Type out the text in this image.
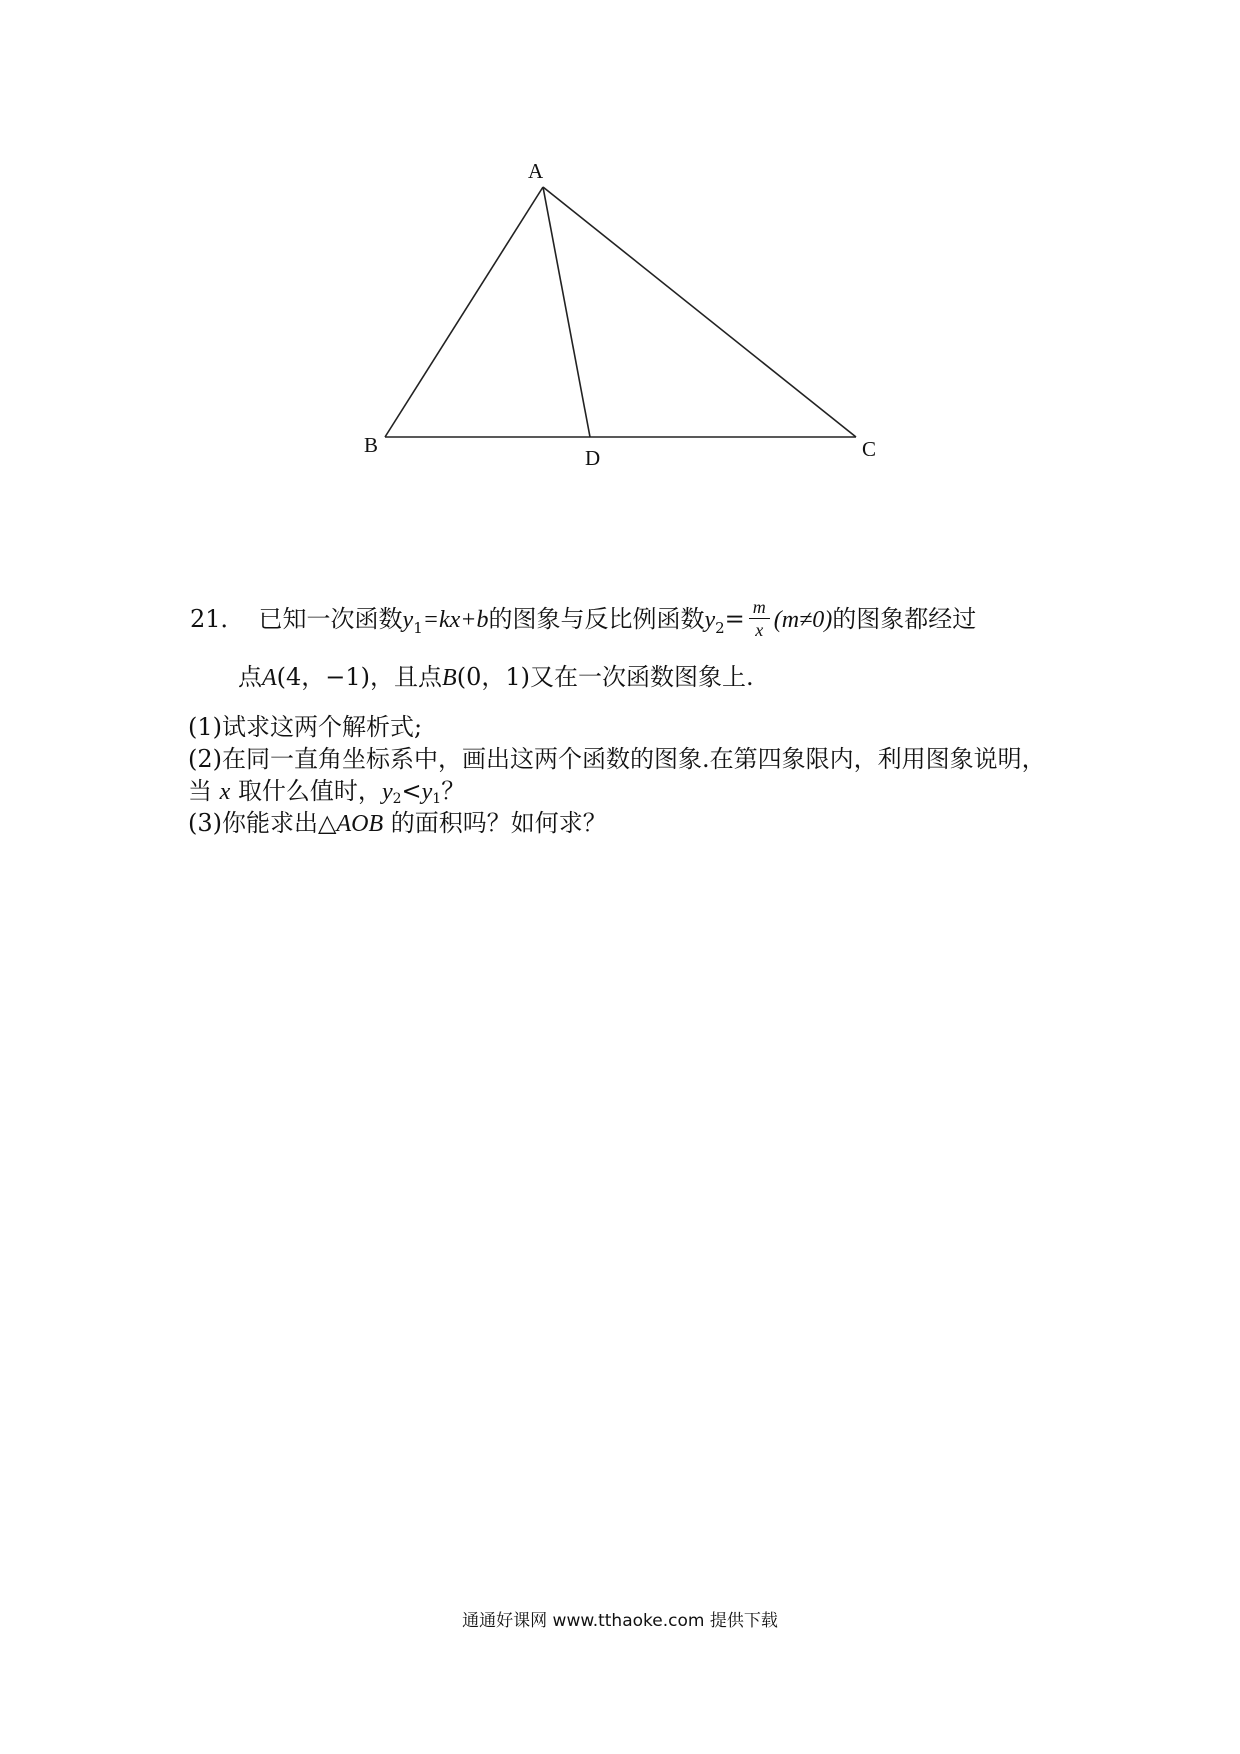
A
B	C
D
21． 已知一次函数$y_1=kx+b$的图象与反比例函数$y_2= \frac{m}{x} (m\ne 0)$的图象都经过
点A(4，−1)，且点B(0，1)又在一次函数图象上.
(1)试求这两个解析式;
(2)在同一直角坐标系中，画出这两个函数的图象.在第四象限内，利用图象说明，
当 x 取什么值时，y2<y1？
(3)你能求出△AOB 的面积吗？如何求？
通通好课网 www.tthaoke.com 提供下载
